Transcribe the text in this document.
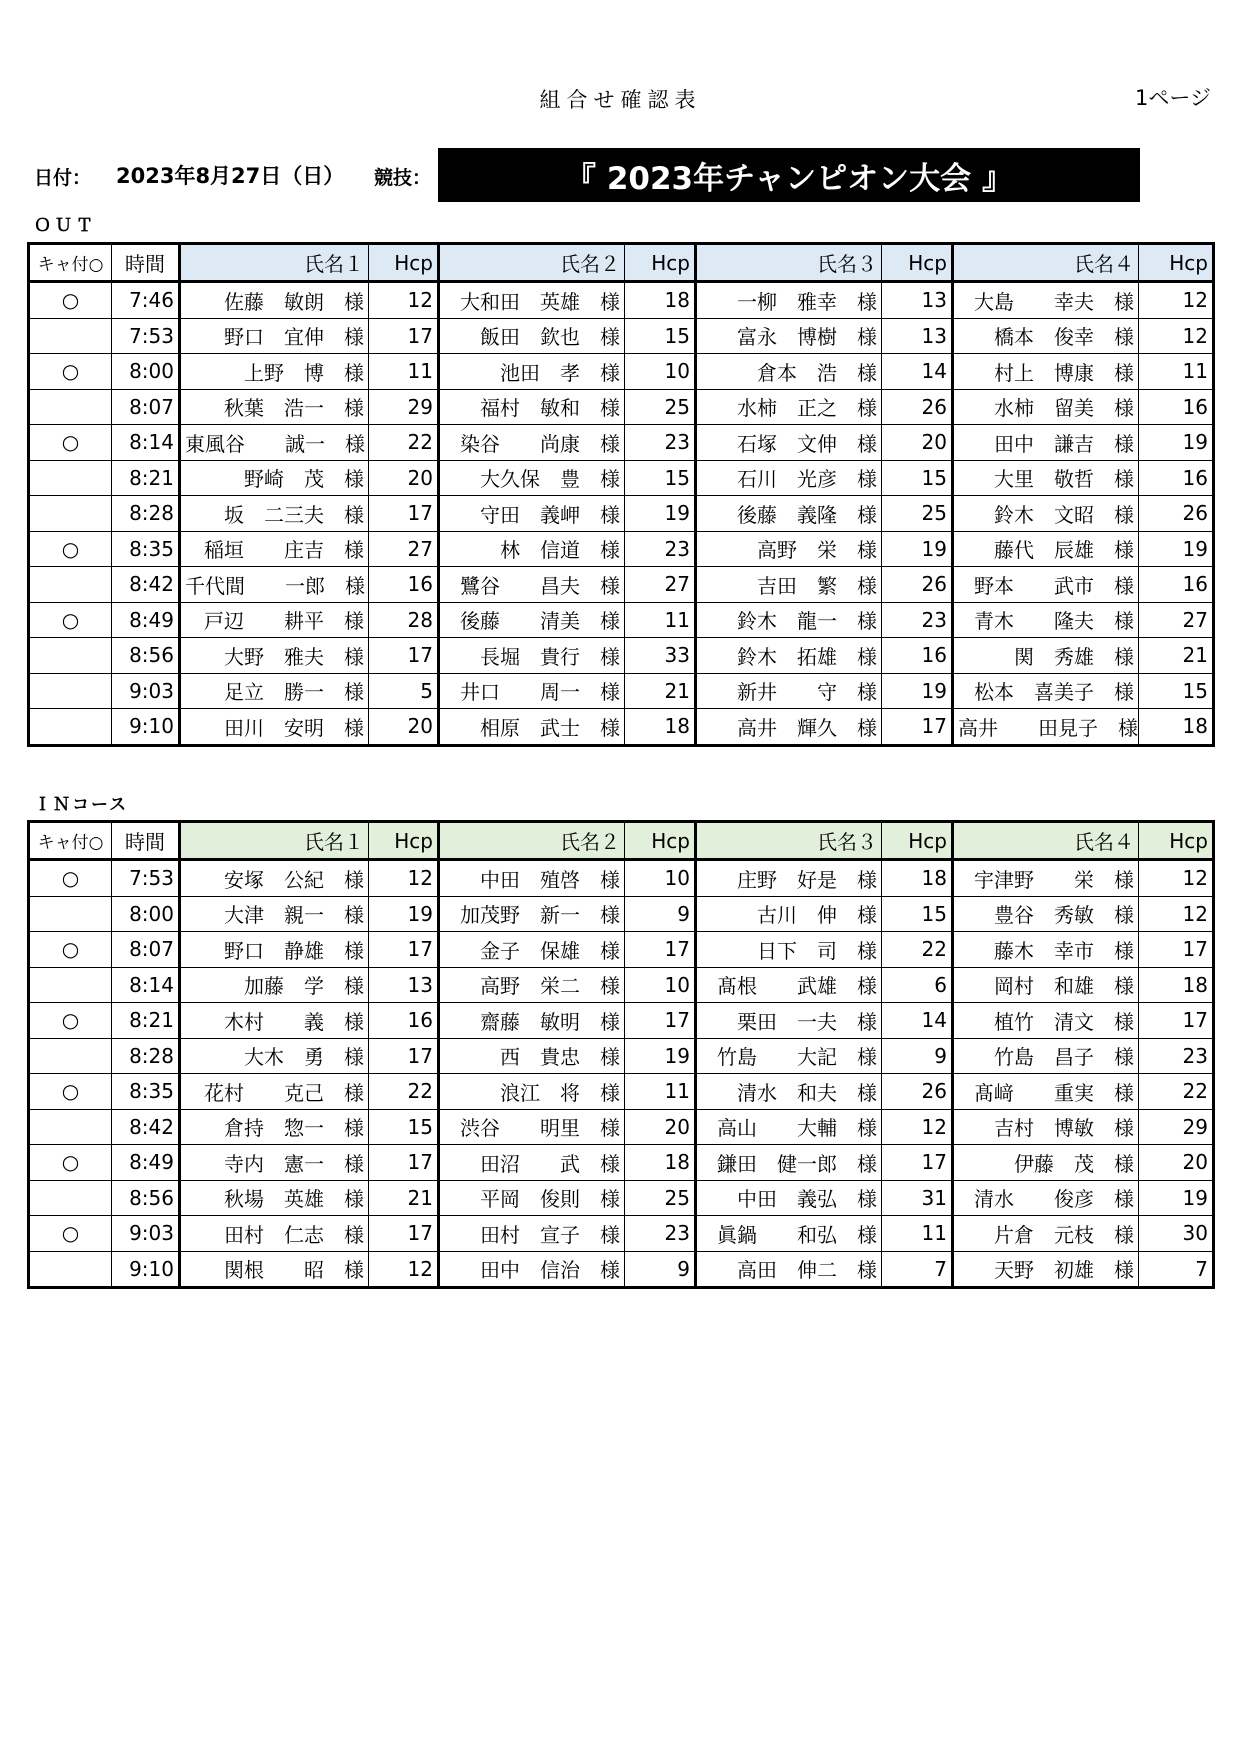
組合せ確認表	1ページ
日付： 2023年8月27日（日） 競技：	『 2023年チャンピオン大会 』
ＯＵＴ
キャ付○	時間	氏名１	Hcp	氏名２	Hcp	氏名３	Hcp	氏名４	Hcp
○	7:46	佐藤　敏朗　様	12	大和田　英雄　様	18	一柳　雅幸　様	13	大島　　幸夫　様	12
	7:53	野口　宜伸　様	17	飯田　欽也　様	15	富永　博樹　様	13	橋本　俊幸　様	12
○	8:00	上野　博　様	11	池田　孝　様	10	倉本　浩　様	14	村上　博康　様	11
	8:07	秋葉　浩一　様	29	福村　敏和　様	25	水柿　正之　様	26	水柿　留美　様	16
○	8:14	東風谷　　誠一　様	22	染谷　　尚康　様	23	石塚　文伸　様	20	田中　謙吉　様	19
	8:21	野崎　茂　様	20	大久保　豊　様	15	石川　光彦　様	15	大里　敬哲　様	16
	8:28	坂　二三夫　様	17	守田　義岬　様	19	後藤　義隆　様	25	鈴木　文昭　様	26
○	8:35	稲垣　　庄吉　様	27	林　信道　様	23	高野　栄　様	19	藤代　辰雄　様	19
	8:42	千代間　　一郎　様	16	鷺谷　　昌夫　様	27	吉田　繁　様	26	野本　　武市　様	16
○	8:49	戸辺　　耕平　様	28	後藤　　清美　様	11	鈴木　龍一　様	23	青木　　隆夫　様	27
	8:56	大野　雅夫　様	17	長堀　貴行　様	33	鈴木　拓雄　様	16	関　秀雄　様	21
	9:03	足立　勝一　様	5	井口　　周一　様	21	新井　　守　様	19	松本　喜美子　様	15
	9:10	田川　安明　様	20	相原　武士　様	18	高井　輝久　様	17	高井　　田見子　様	18
ＩＮコース
キャ付○	時間	氏名１	Hcp	氏名２	Hcp	氏名３	Hcp	氏名４	Hcp
○	7:53	安塚　公紀　様	12	中田　殖啓　様	10	庄野　好是　様	18	宇津野　　栄　様	12
	8:00	大津　親一　様	19	加茂野　新一　様	9	古川　伸　様	15	豊谷　秀敏　様	12
○	8:07	野口　静雄　様	17	金子　保雄　様	17	日下　司　様	22	藤木　幸市　様	17
	8:14	加藤　学　様	13	高野　栄二　様	10	髙根　　武雄　様	6	岡村　和雄　様	18
○	8:21	木村　　義　様	16	齋藤　敏明　様	17	栗田　一夫　様	14	植竹　清文　様	17
	8:28	大木　勇　様	17	西　貴忠　様	19	竹島　　大記　様	9	竹島　昌子　様	23
○	8:35	花村　　克己　様	22	浪江　将　様	11	清水　和夫　様	26	髙﨑　　重実　様	22
	8:42	倉持　惣一　様	15	渋谷　　明里　様	20	高山　　大輔　様	12	吉村　博敏　様	29
○	8:49	寺内　憲一　様	17	田沼　　武　様	18	鎌田　健一郎　様	17	伊藤　茂　様	20
	8:56	秋場　英雄　様	21	平岡　俊則　様	25	中田　義弘　様	31	清水　　俊彦　様	19
○	9:03	田村　仁志　様	17	田村　宣子　様	23	眞鍋　　和弘　様	11	片倉　元枝　様	30
	9:10	関根　　昭　様	12	田中　信治　様	9	高田　伸二　様	7	天野　初雄　様	7
